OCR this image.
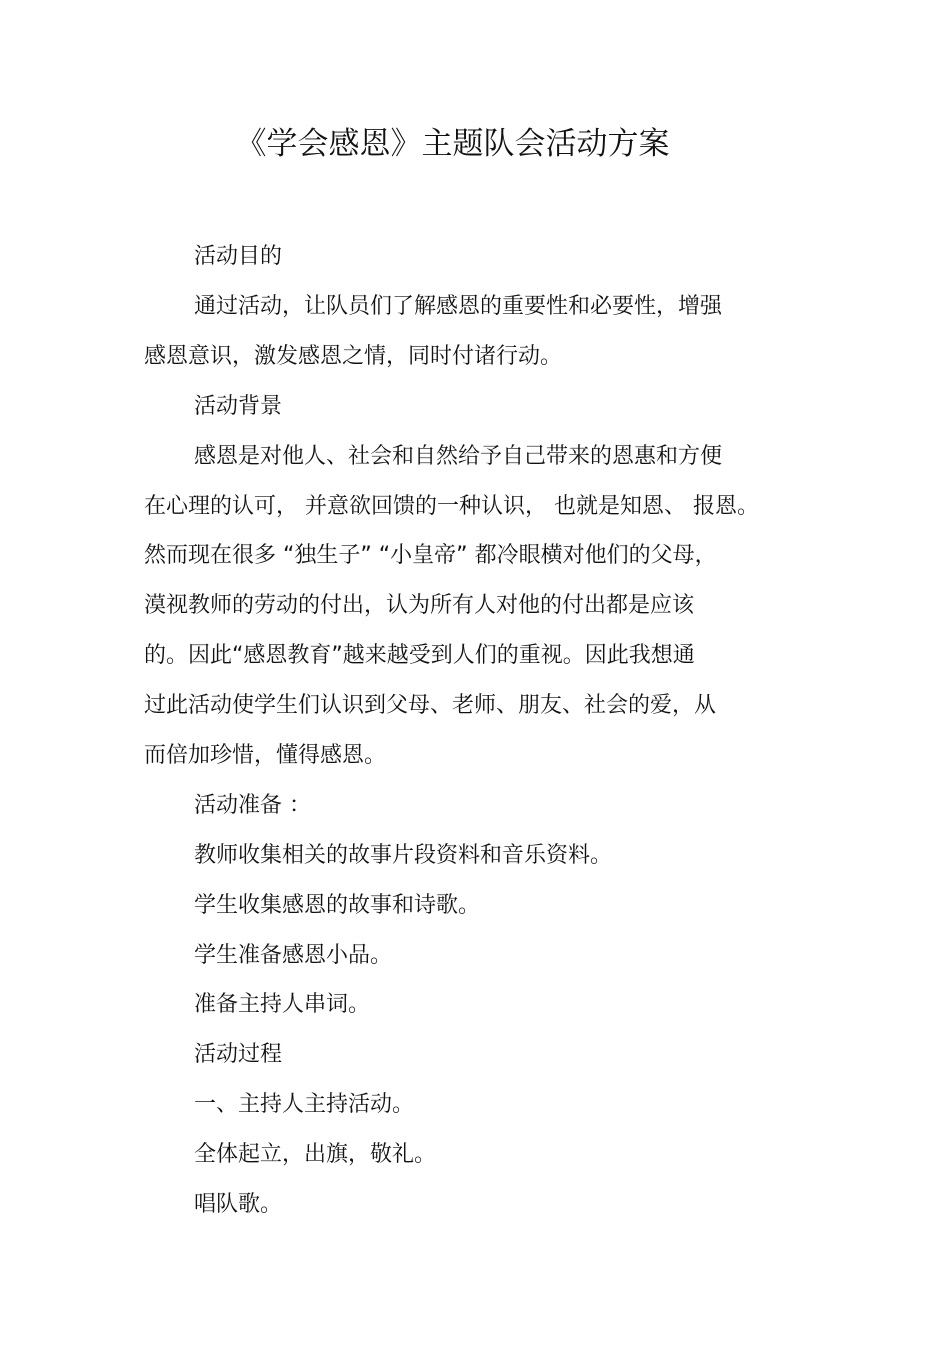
《学会感恩》主题队会活动方案
活动目的
通过活动，让队员们了解感恩的重要性和必要性，增强
感恩意识，激发感恩之情，同时付诸行动。
活动背景
感恩是对他人、社会和自然给予自己带来的恩惠和方便
在心理的认可， 并意欲回馈的一种认识， 也就是知恩、 报恩。
然而现在很多 “独生子” “小皇帝” 都冷眼横对他们的父母，
漠视教师的劳动的付出，认为所有人对他的付出都是应该
的。因此“感恩教育”越来越受到人们的重视。因此我想通
过此活动使学生们认识到父母、老师、朋友、社会的爱，从
而倍加珍惜，懂得感恩。
活动准备 ：
教师收集相关的故事片段资料和音乐资料。
学生收集感恩的故事和诗歌。
学生准备感恩小品。
准备主持人串词。
活动过程
一、主持人主持活动。
全体起立，出旗，敬礼。
唱队歌。
